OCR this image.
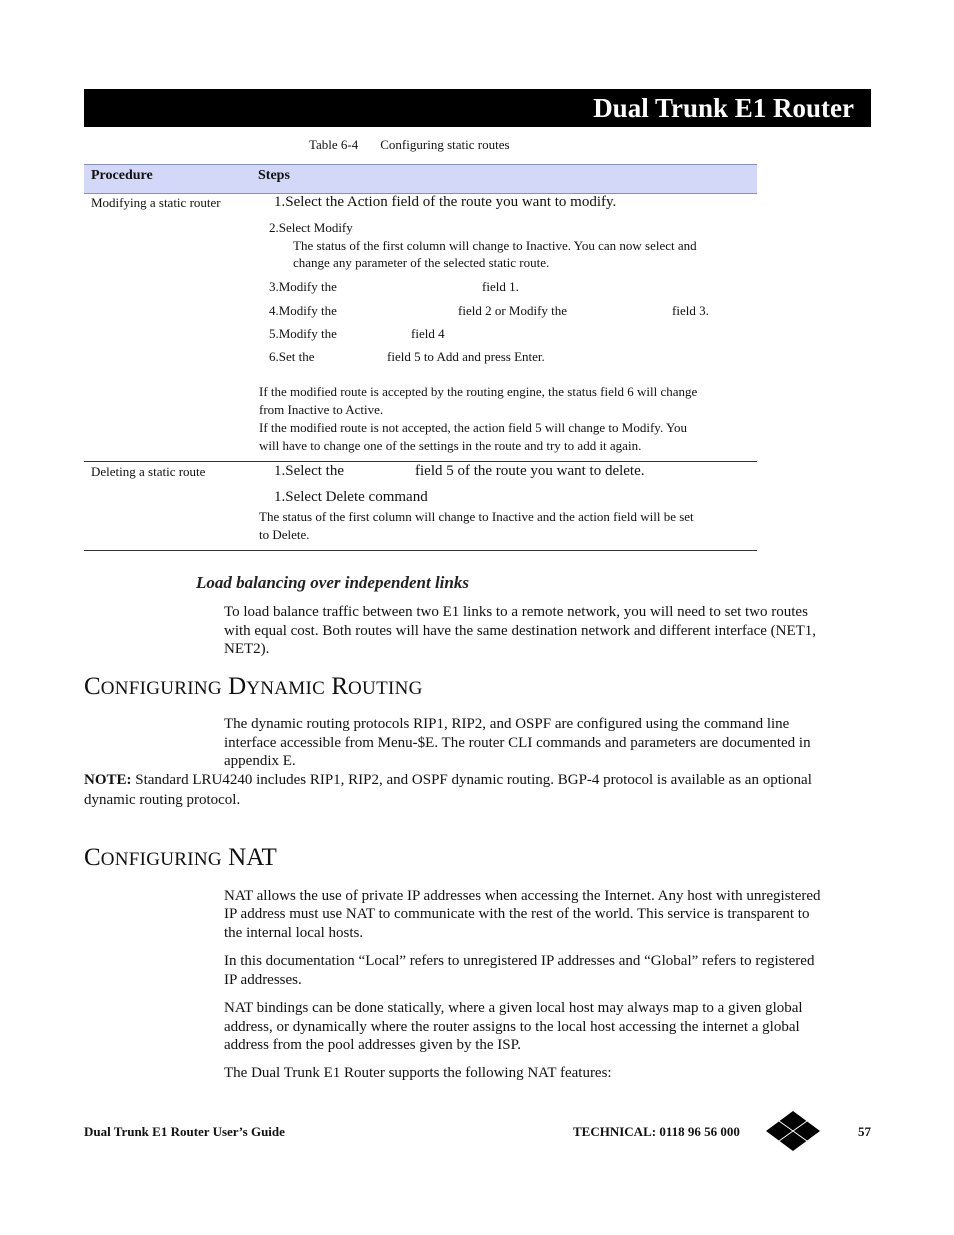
Dual Trunk E1 Router
Table 6-4 Configuring static routes
Procedure	Steps
Modifying a static router	1.Select the Action field of the route you want to modify.
2.Select Modify
The status of the first column will change to Inactive. You can now select and
change any parameter of the selected static route.
3.Modify the	field 1.
4.Modify the	field 2 or Modify the	field 3.
5.Modify the	field 4
6.Set the	field 5 to Add and press Enter.
If the modified route is accepted by the routing engine, the status field 6 will change
from Inactive to Active.
If the modified route is not accepted, the action field 5 will change to Modify. You
will have to change one of the settings in the route and try to add it again.
Deleting a static route	1.Select the	field 5 of the route you want to delete.
1.Select Delete command
The status of the first column will change to Inactive and the action field will be set
to Delete.
Load balancing over independent links
To load balance traffic between two E1 links to a remote network, you will need to set two routes
with equal cost. Both routes will have the same destination network and different interface (NET1,
NET2).
CONFIGURING DYNAMIC ROUTING
The dynamic routing protocols RIP1, RIP2, and OSPF are configured using the command line
interface accessible from Menu-$E. The router CLI commands and parameters are documented in
appendix E.
NOTE: Standard LRU4240 includes RIP1, RIP2, and OSPF dynamic routing. BGP-4 protocol is available as an optional
dynamic routing protocol.
CONFIGURING NAT
NAT allows the use of private IP addresses when accessing the Internet. Any host with unregistered
IP address must use NAT to communicate with the rest of the world. This service is transparent to
the internal local hosts.
In this documentation “Local” refers to unregistered IP addresses and “Global” refers to registered
IP addresses.
NAT bindings can be done statically, where a given local host may always map to a given global
address, or dynamically where the router assigns to the local host accessing the internet a global
address from the pool addresses given by the ISP.
The Dual Trunk E1 Router supports the following NAT features:
Dual Trunk E1 Router User’s Guide	TECHNICAL: 0118 96 56 000	57
